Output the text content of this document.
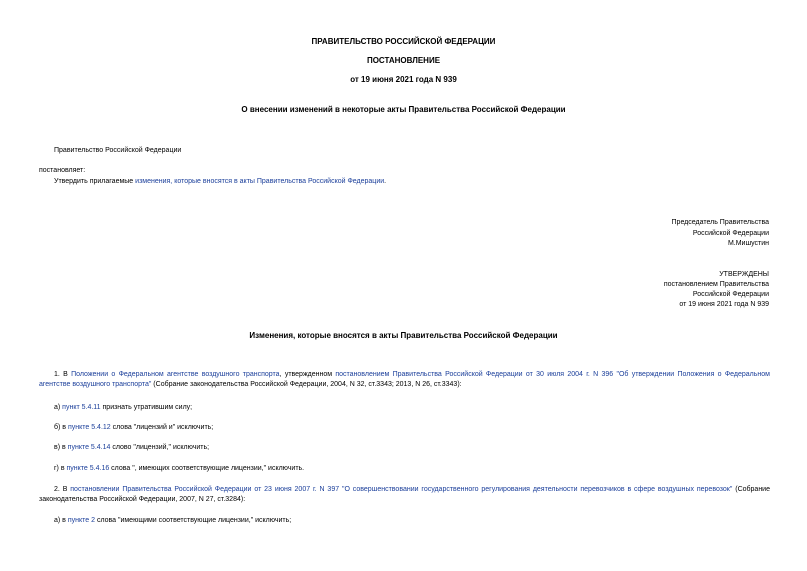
ПРАВИТЕЛЬСТВО РОССИЙСКОЙ ФЕДЕРАЦИИ
ПОСТАНОВЛЕНИЕ
от 19 июня 2021 года N 939
О внесении изменений в некоторые акты Правительства Российской Федерации
Правительство Российской Федерации
постановляет:
Утвердить прилагаемые изменения, которые вносятся в акты Правительства Российской Федерации.
Председатель Правительства
Российской Федерации
М.Мишустин
УТВЕРЖДЕНЫ
постановлением Правительства
Российской Федерации
от 19 июня 2021 года N 939
Изменения, которые вносятся в акты Правительства Российской Федерации
1. В Положении о Федеральном агентстве воздушного транспорта, утвержденном постановлением Правительства Российской Федерации от 30 июля 2004 г. N 396 "Об утверждении Положения о Федеральном агентстве воздушного транспорта" (Собрание законодательства Российской Федерации, 2004, N 32, ст.3343; 2013, N 26, ст.3343):
а) пункт 5.4.11 признать утратившим силу;
б) в пункте 5.4.12 слова "лицензий и" исключить;
в) в пункте 5.4.14 слово "лицензий," исключить;
г) в пункте 5.4.16 слова ", имеющих соответствующие лицензии," исключить.
2. В постановлении Правительства Российской Федерации от 23 июня 2007 г. N 397 "О совершенствовании государственного регулирования деятельности перевозчиков в сфере воздушных перевозок" (Собрание законодательства Российской Федерации, 2007, N 27, ст.3284):
а) в пункте 2 слова "имеющими соответствующие лицензии," исключить;
